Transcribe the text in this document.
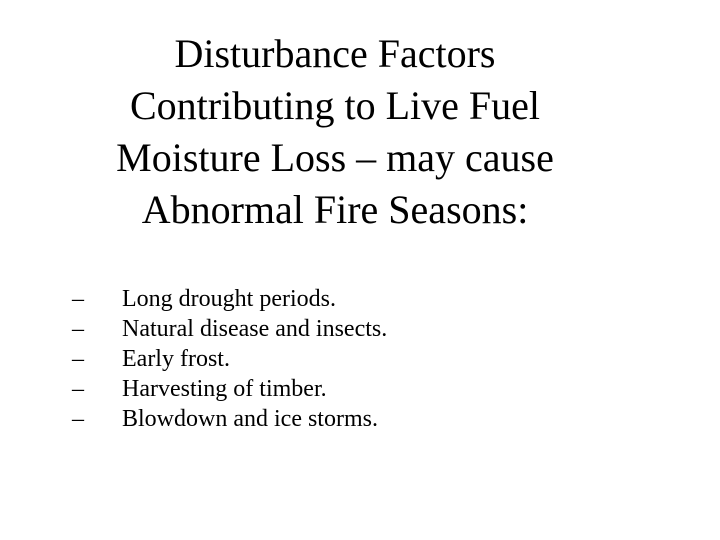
Disturbance Factors
Contributing to Live Fuel
Moisture Loss – may cause
Abnormal Fire Seasons:
–	Long drought periods.
–	Natural disease and insects.
–	Early frost.
–	Harvesting of timber.
–	Blowdown and ice storms.
